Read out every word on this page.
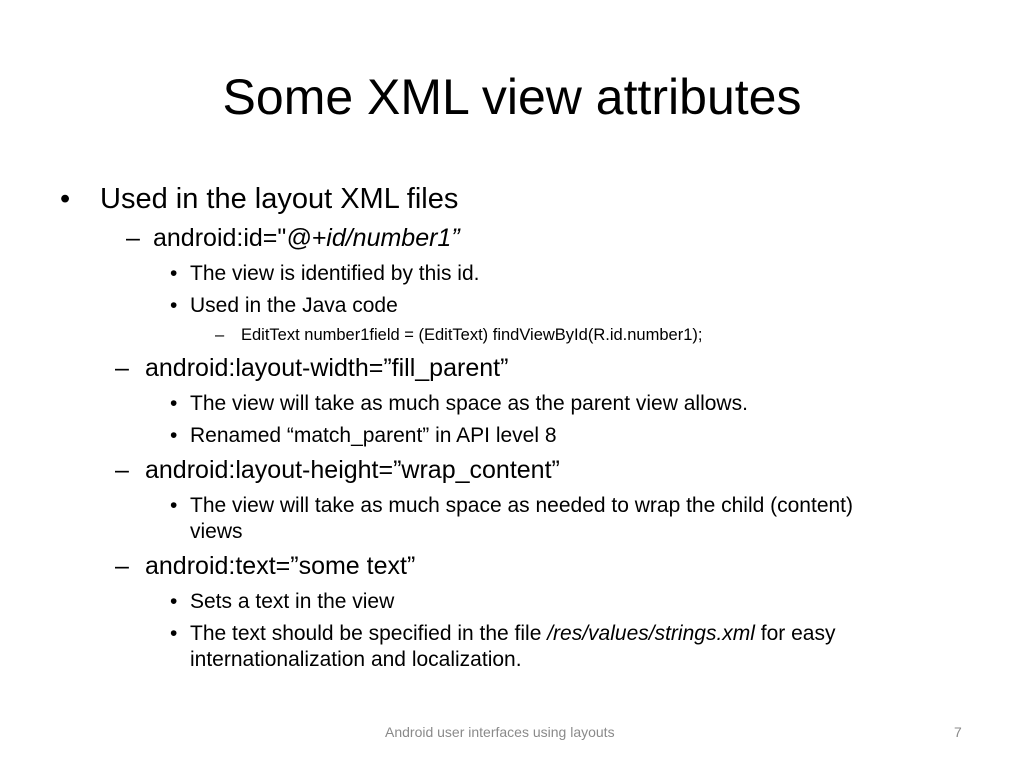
Some XML view attributes
• Used in the layout XML files
– android:id="@+id/number1”
• The view is identified by this id.
• Used in the Java code
– EditText number1field = (EditText) findViewById(R.id.number1);
– android:layout-width=”fill_parent”
• The view will take as much space as the parent view allows.
• Renamed “match_parent” in API level 8
– android:layout-height=”wrap_content”
• The view will take as much space as needed to wrap the child (content) views
– android:text=”some text”
• Sets a text in the view
• The text should be specified in the file /res/values/strings.xml for easy internationalization and localization.
Android user interfaces using layouts	7
